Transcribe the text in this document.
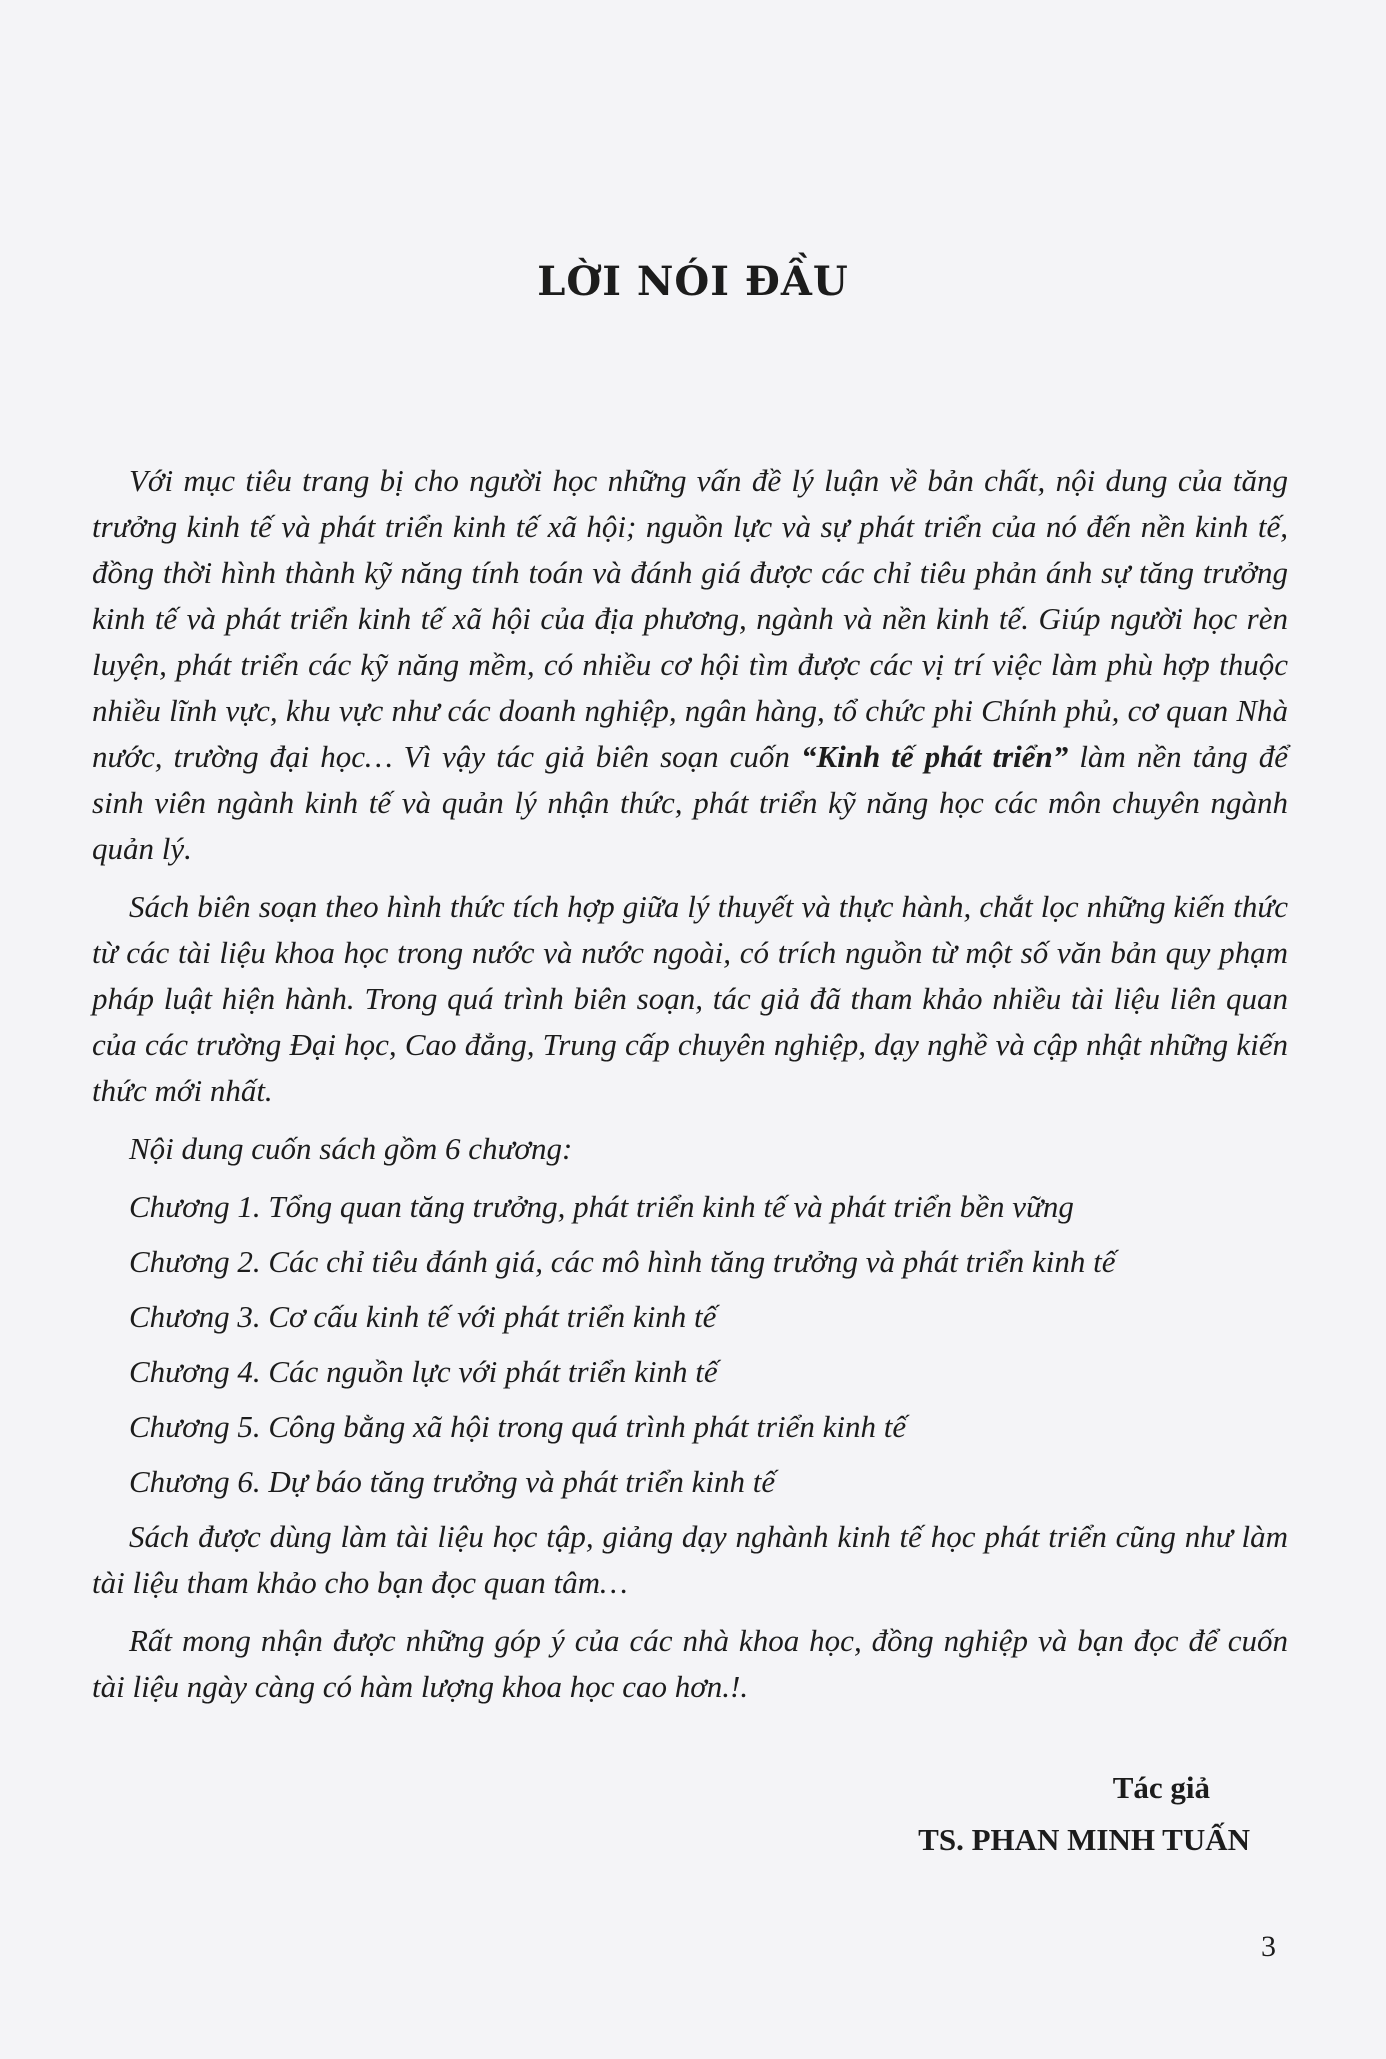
LỜI NÓI ĐẦU

Với mục tiêu trang bị cho người học những vấn đề lý luận về bản chất, nội dung của tăng trưởng kinh tế và phát triển kinh tế xã hội; nguồn lực và sự phát triển của nó đến nền kinh tế, đồng thời hình thành kỹ năng tính toán và đánh giá được các chỉ tiêu phản ánh sự tăng trưởng kinh tế và phát triển kinh tế xã hội của địa phương, ngành và nền kinh tế. Giúp người học rèn luyện, phát triển các kỹ năng mềm, có nhiều cơ hội tìm được các vị trí việc làm phù hợp thuộc nhiều lĩnh vực, khu vực như các doanh nghiệp, ngân hàng, tổ chức phi Chính phủ, cơ quan Nhà nước, trường đại học… Vì vậy tác giả biên soạn cuốn “Kinh tế phát triển” làm nền tảng để sinh viên ngành kinh tế và quản lý nhận thức, phát triển kỹ năng học các môn chuyên ngành quản lý.

Sách biên soạn theo hình thức tích hợp giữa lý thuyết và thực hành, chắt lọc những kiến thức từ các tài liệu khoa học trong nước và nước ngoài, có trích nguồn từ một số văn bản quy phạm pháp luật hiện hành. Trong quá trình biên soạn, tác giả đã tham khảo nhiều tài liệu liên quan của các trường Đại học, Cao đẳng, Trung cấp chuyên nghiệp, dạy nghề và cập nhật những kiến thức mới nhất.

Nội dung cuốn sách gồm 6 chương:

Chương 1. Tổng quan tăng trưởng, phát triển kinh tế và phát triển bền vững

Chương 2. Các chỉ tiêu đánh giá, các mô hình tăng trưởng và phát triển kinh tế

Chương 3. Cơ cấu kinh tế với phát triển kinh tế

Chương 4. Các nguồn lực với phát triển kinh tế

Chương 5. Công bằng xã hội trong quá trình phát triển kinh tế

Chương 6. Dự báo tăng trưởng và phát triển kinh tế

Sách được dùng làm tài liệu học tập, giảng dạy nghành kinh tế học phát triển cũng như làm tài liệu tham khảo cho bạn đọc quan tâm…

Rất mong nhận được những góp ý của các nhà khoa học, đồng nghiệp và bạn đọc để cuốn tài liệu ngày càng có hàm lượng khoa học cao hơn.!.

Tác giả
TS. PHAN MINH TUẤN
3
